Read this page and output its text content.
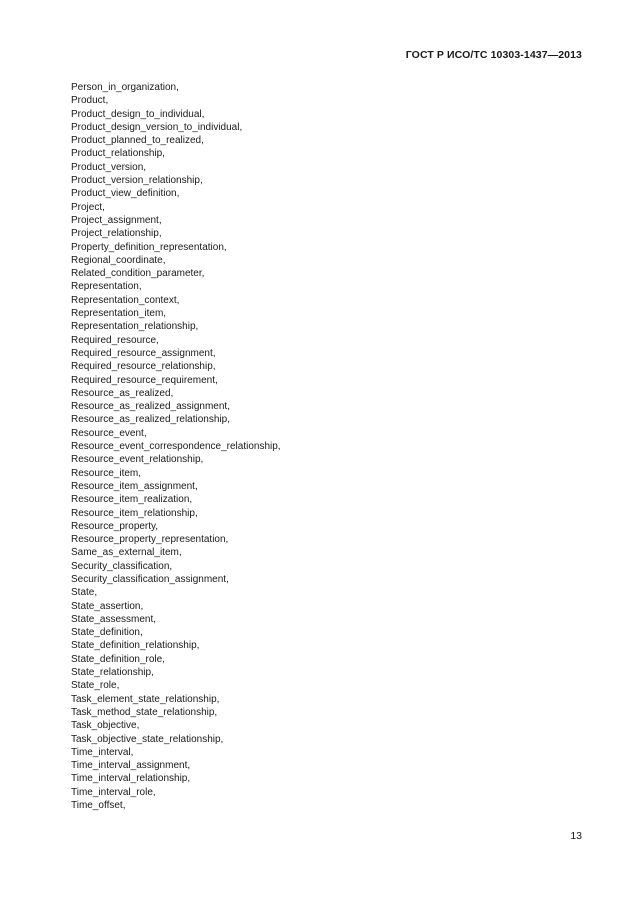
ГОСТ Р ИСО/ТС 10303-1437—2013
Person_in_organization,
Product,
Product_design_to_individual,
Product_design_version_to_individual,
Product_planned_to_realized,
Product_relationship,
Product_version,
Product_version_relationship,
Product_view_definition,
Project,
Project_assignment,
Project_relationship,
Property_definition_representation,
Regional_coordinate,
Related_condition_parameter,
Representation,
Representation_context,
Representation_item,
Representation_relationship,
Required_resource,
Required_resource_assignment,
Required_resource_relationship,
Required_resource_requirement,
Resource_as_realized,
Resource_as_realized_assignment,
Resource_as_realized_relationship,
Resource_event,
Resource_event_correspondence_relationship,
Resource_event_relationship,
Resource_item,
Resource_item_assignment,
Resource_item_realization,
Resource_item_relationship,
Resource_property,
Resource_property_representation,
Same_as_external_item,
Security_classification,
Security_classification_assignment,
State,
State_assertion,
State_assessment,
State_definition,
State_definition_relationship,
State_definition_role,
State_relationship,
State_role,
Task_element_state_relationship,
Task_method_state_relationship,
Task_objective,
Task_objective_state_relationship,
Time_interval,
Time_interval_assignment,
Time_interval_relationship,
Time_interval_role,
Time_offset,
13
